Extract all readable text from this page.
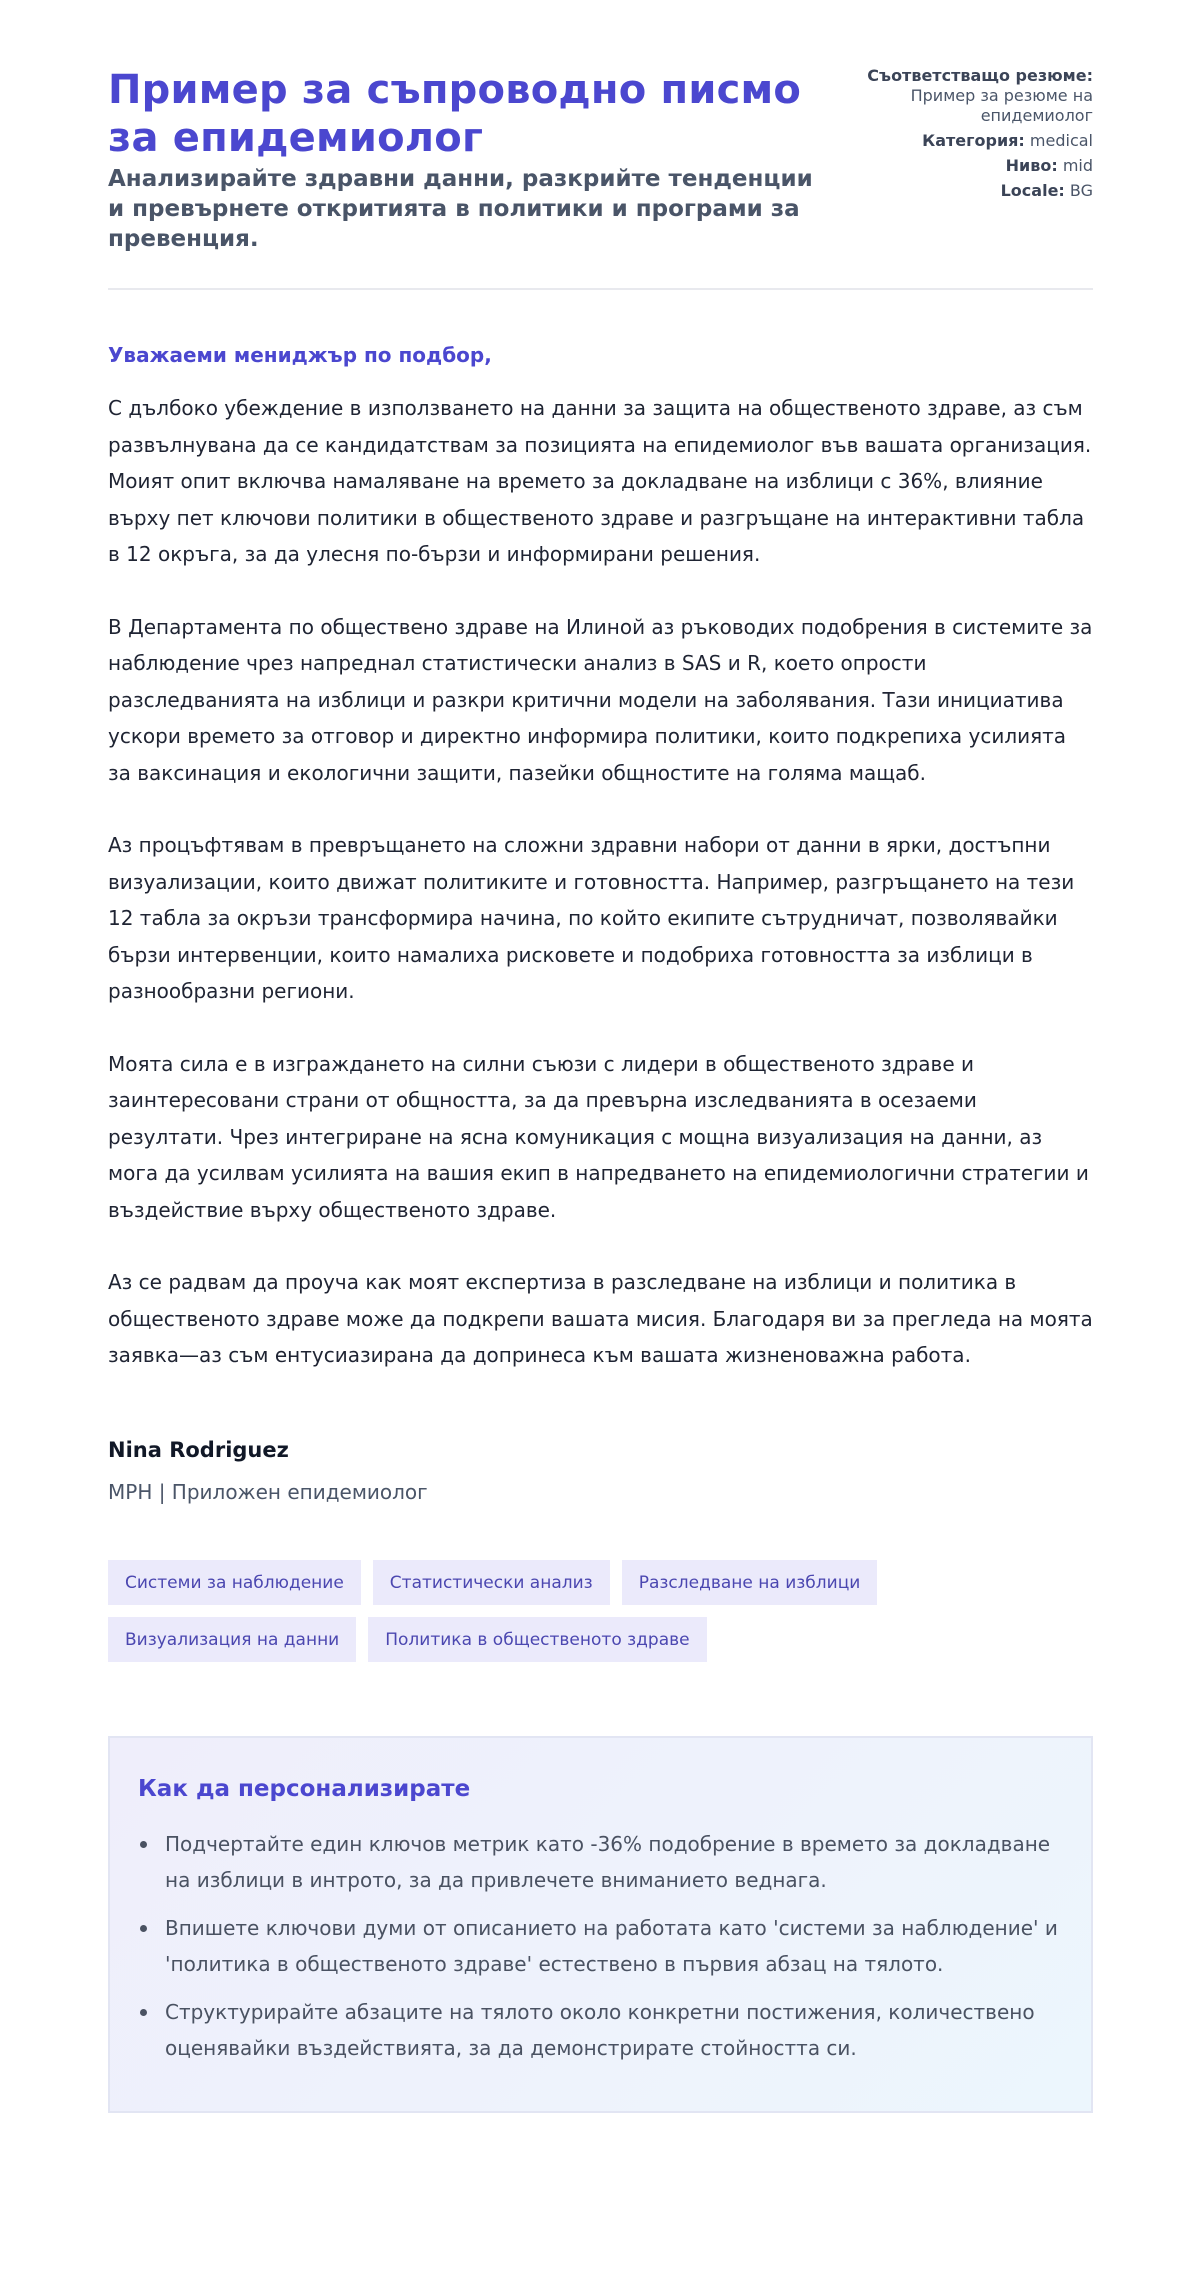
Пример за съпроводно писмо за епидемиолог
Анализирайте здравни данни, разкрийте тенденции и превърнете откритията в политики и програми за превенция.
Съответстващо резюме: Пример за резюме на епидемиолог
Категория: medical
Ниво: mid
Locale: BG

Уважаеми мениджър по подбор,

С дълбоко убеждение в използването на данни за защита на общественото здраве, аз съм развълнувана да се кандидатствам за позицията на епидемиолог във вашата организация. Моият опит включва намаляване на времето за докладване на изблици с 36%, влияние върху пет ключови политики в общественото здраве и разгръщане на интерактивни табла в 12 окръга, за да улесня по-бързи и информирани решения.

В Департамента по обществено здраве на Илиной аз ръководих подобрения в системите за наблюдение чрез напреднал статистически анализ в SAS и R, което опрости разследванията на изблици и разкри критични модели на заболявания. Тази инициатива ускори времето за отговор и директно информира политики, които подкрепиха усилията за ваксинация и екологични защити, пазейки общностите на голяма мащаб.

Аз процъфтявам в превръщането на сложни здравни набори от данни в ярки, достъпни визуализации, които движат политиките и готовността. Например, разгръщането на тези 12 табла за окръзи трансформира начина, по който екипите сътрудничат, позволявайки бързи интервенции, които намалиха рисковете и подобриха готовността за изблици в разнообразни региони.

Моята сила е в изграждането на силни съюзи с лидери в общественото здраве и заинтересовани страни от общността, за да превърна изследванията в осезаеми резултати. Чрез интегриране на ясна комуникация с мощна визуализация на данни, аз мога да усилвам усилията на вашия екип в напредването на епидемиологични стратегии и въздействие върху общественото здраве.

Аз се радвам да проуча как моят експертиза в разследване на изблици и политика в общественото здраве може да подкрепи вашата мисия. Благодаря ви за прегледа на моята заявка—аз съм ентусиазирана да допринеса към вашата жизненоважна работа.

Nina Rodriguez
MPH | Приложен епидемиолог
Системи за наблюдение	Статистически анализ	Разследване на изблици
Визуализация на данни	Политика в общественото здраве
Как да персонализирате
Подчертайте един ключов метрик като -36% подобрение в времето за докладване на изблици в интрото, за да привлечете вниманието веднага.
Впишете ключови думи от описанието на работата като 'системи за наблюдение' и 'политика в общественото здраве' естествено в първия абзац на тялото.
Структурирайте абзаците на тялото около конкретни постижения, количествено оценявайки въздействията, за да демонстрирате стойността си.
